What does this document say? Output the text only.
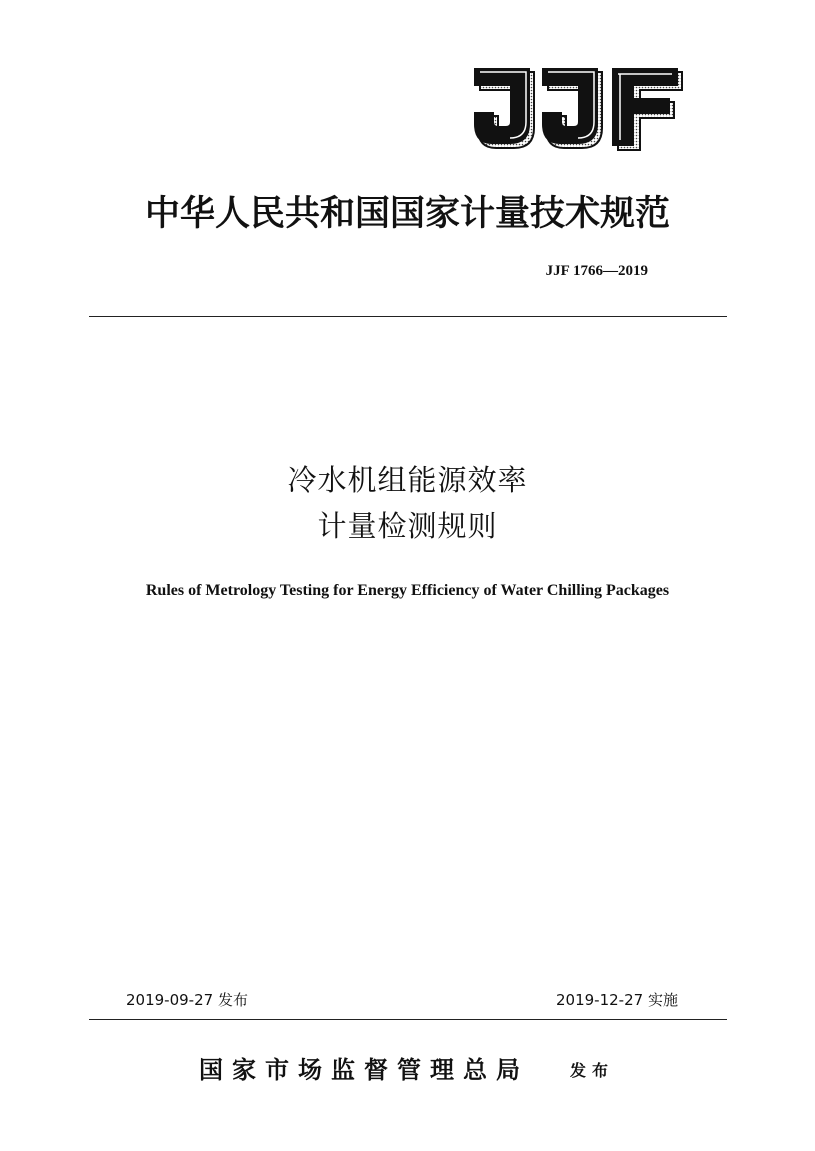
中华人民共和国国家计量技术规范
JJF 1766—2019
冷水机组能源效率
计量检测规则
Rules of Metrology Testing for Energy Efficiency of Water Chilling Packages
2019-09-27 发布	2019-12-27 实施
国家市场监督管理总局	发布
